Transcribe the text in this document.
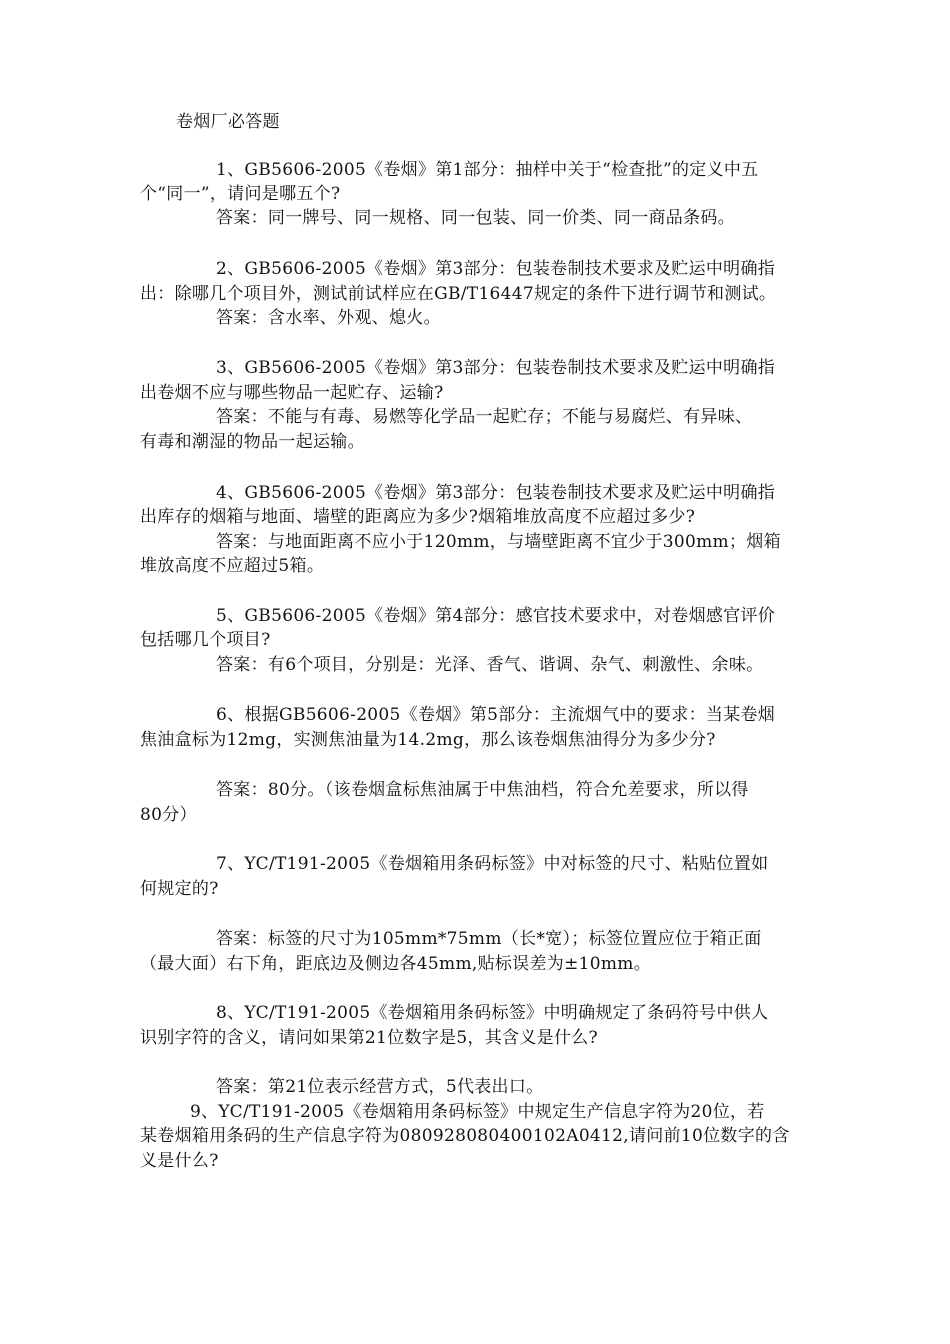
卷烟厂必答题
1、GB5606-2005《卷烟》第1部分：抽样中关于“检查批”的定义中五
个“同一”，请问是哪五个?
答案：同一牌号、同一规格、同一包装、同一价类、同一商品条码。
2、GB5606-2005《卷烟》第3部分：包装卷制技术要求及贮运中明确指
出：除哪几个项目外，测试前试样应在GB/T16447规定的条件下进行调节和测试。
答案：含水率、外观、熄火。
3、GB5606-2005《卷烟》第3部分：包装卷制技术要求及贮运中明确指
出卷烟不应与哪些物品一起贮存、运输?
答案：不能与有毒、易燃等化学品一起贮存；不能与易腐烂、有异味、
有毒和潮湿的物品一起运输。
4、GB5606-2005《卷烟》第3部分：包装卷制技术要求及贮运中明确指
出库存的烟箱与地面、墙壁的距离应为多少?烟箱堆放高度不应超过多少?
答案：与地面距离不应小于120mm，与墙壁距离不宜少于300mm；烟箱
堆放高度不应超过5箱。
5、GB5606-2005《卷烟》第4部分：感官技术要求中，对卷烟感官评价
包括哪几个项目?
答案：有6个项目，分别是：光泽、香气、谐调、杂气、刺激性、余味。
6、根据GB5606-2005《卷烟》第5部分：主流烟气中的要求：当某卷烟
焦油盒标为12mg，实测焦油量为14.2mg，那么该卷烟焦油得分为多少分?
答案：80分。（该卷烟盒标焦油属于中焦油档，符合允差要求，所以得
80分）
7、YC/T191-2005《卷烟箱用条码标签》中对标签的尺寸、粘贴位置如
何规定的?
答案：标签的尺寸为105mm*75mm（长*宽）；标签位置应位于箱正面
（最大面）右下角，距底边及侧边各45mm,贴标误差为±10mm。
8、YC/T191-2005《卷烟箱用条码标签》中明确规定了条码符号中供人
识别字符的含义，请问如果第21位数字是5，其含义是什么?
答案：第21位表示经营方式，5代表出口。
9、YC/T191-2005《卷烟箱用条码标签》中规定生产信息字符为20位，若
某卷烟箱用条码的生产信息字符为080928080400102A0412,请问前10位数字的含
义是什么?
